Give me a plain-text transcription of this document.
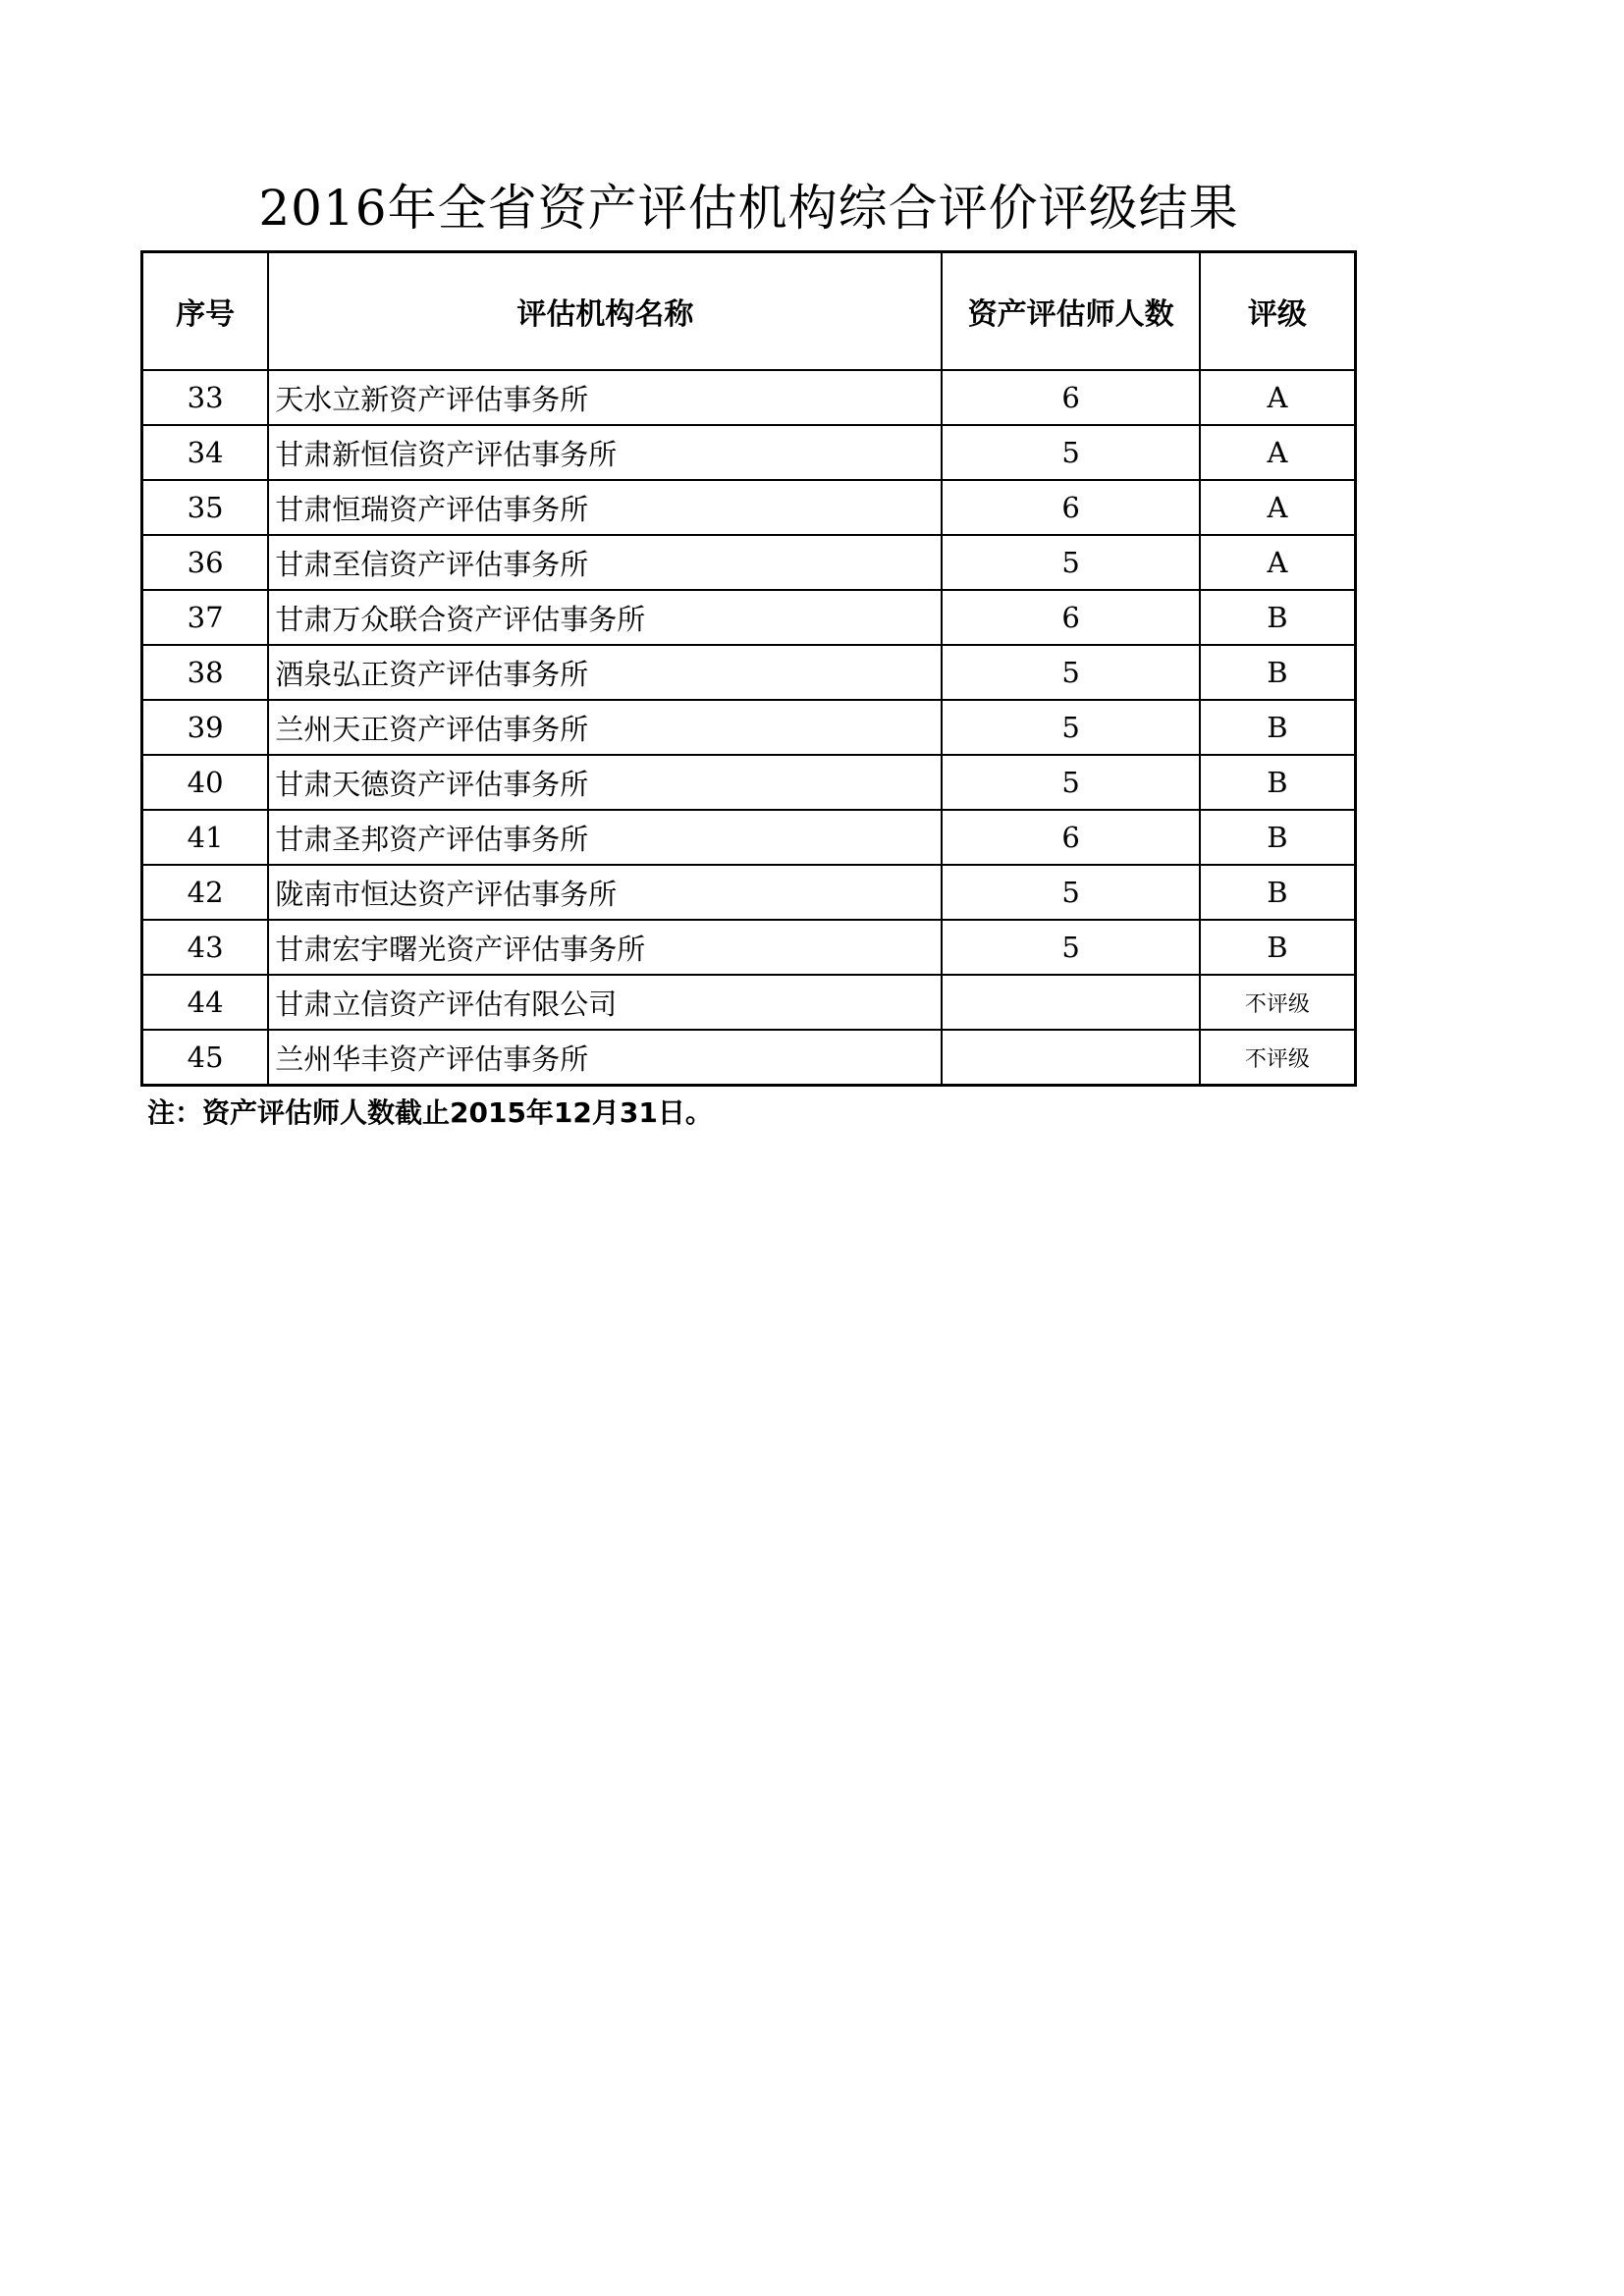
2016年全省资产评估机构综合评价评级结果
序号	评估机构名称	资产评估师人数	评级
33	天水立新资产评估事务所	6	A
34	甘肃新恒信资产评估事务所	5	A
35	甘肃恒瑞资产评估事务所	6	A
36	甘肃至信资产评估事务所	5	A
37	甘肃万众联合资产评估事务所	6	B
38	酒泉弘正资产评估事务所	5	B
39	兰州天正资产评估事务所	5	B
40	甘肃天德资产评估事务所	5	B
41	甘肃圣邦资产评估事务所	6	B
42	陇南市恒达资产评估事务所	5	B
43	甘肃宏宇曙光资产评估事务所	5	B
44	甘肃立信资产评估有限公司		不评级
45	兰州华丰资产评估事务所		不评级
注：资产评估师人数截止2015年12月31日。
